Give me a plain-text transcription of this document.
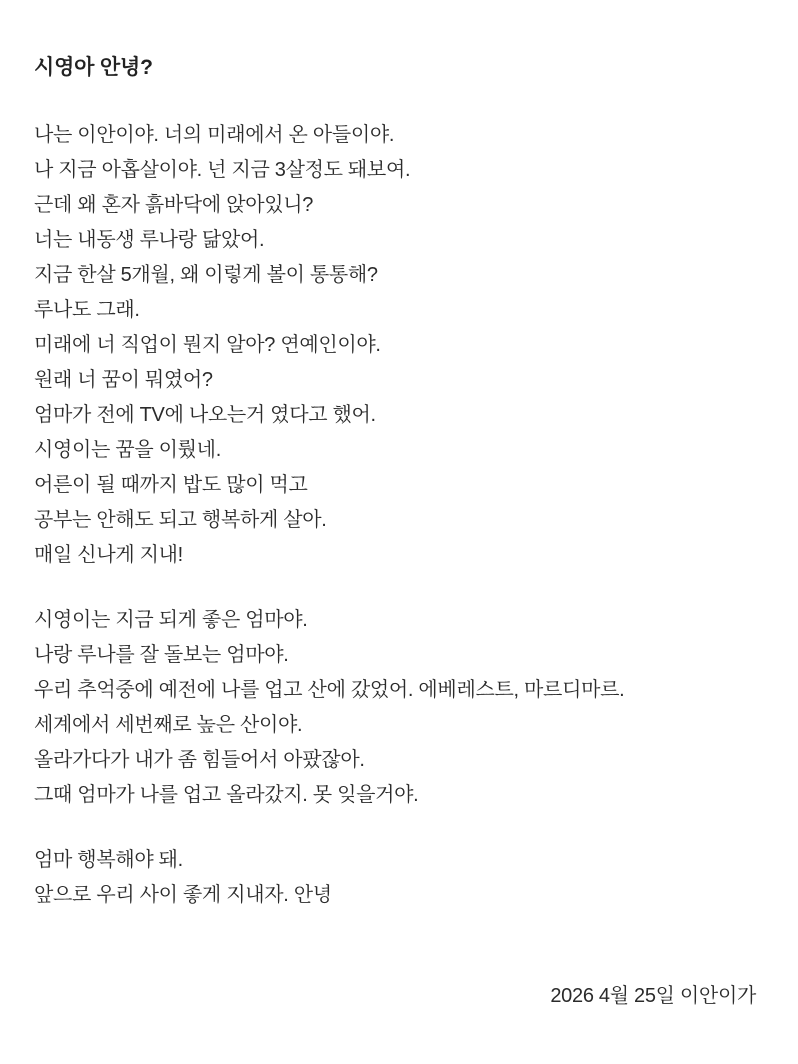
시영아 안녕?
나는 이안이야. 너의 미래에서 온 아들이야.
나 지금 아홉살이야. 넌 지금 3살정도 돼보여.
근데 왜 혼자 흙바닥에 앉아있니?
너는 내동생 루나랑 닮았어.
지금 한살 5개월, 왜 이렇게 볼이 통통해?
루나도 그래.
미래에 너 직업이 뭔지 알아? 연예인이야.
원래 너 꿈이 뭐였어?
엄마가 전에 TV에 나오는거 였다고 했어.
시영이는 꿈을 이뤘네.
어른이 될 때까지 밥도 많이 먹고
공부는 안해도 되고 행복하게 살아.
매일 신나게 지내!
시영이는 지금 되게 좋은 엄마야.
나랑 루나를 잘 돌보는 엄마야.
우리 추억중에 예전에 나를 업고 산에 갔었어. 에베레스트, 마르디마르.
세계에서 세번째로 높은 산이야.
올라가다가 내가 좀 힘들어서 아팠잖아.
그때 엄마가 나를 업고 올라갔지. 못 잊을거야.
엄마 행복해야 돼.
앞으로 우리 사이 좋게 지내자. 안녕
2026 4월 25일 이안이가
